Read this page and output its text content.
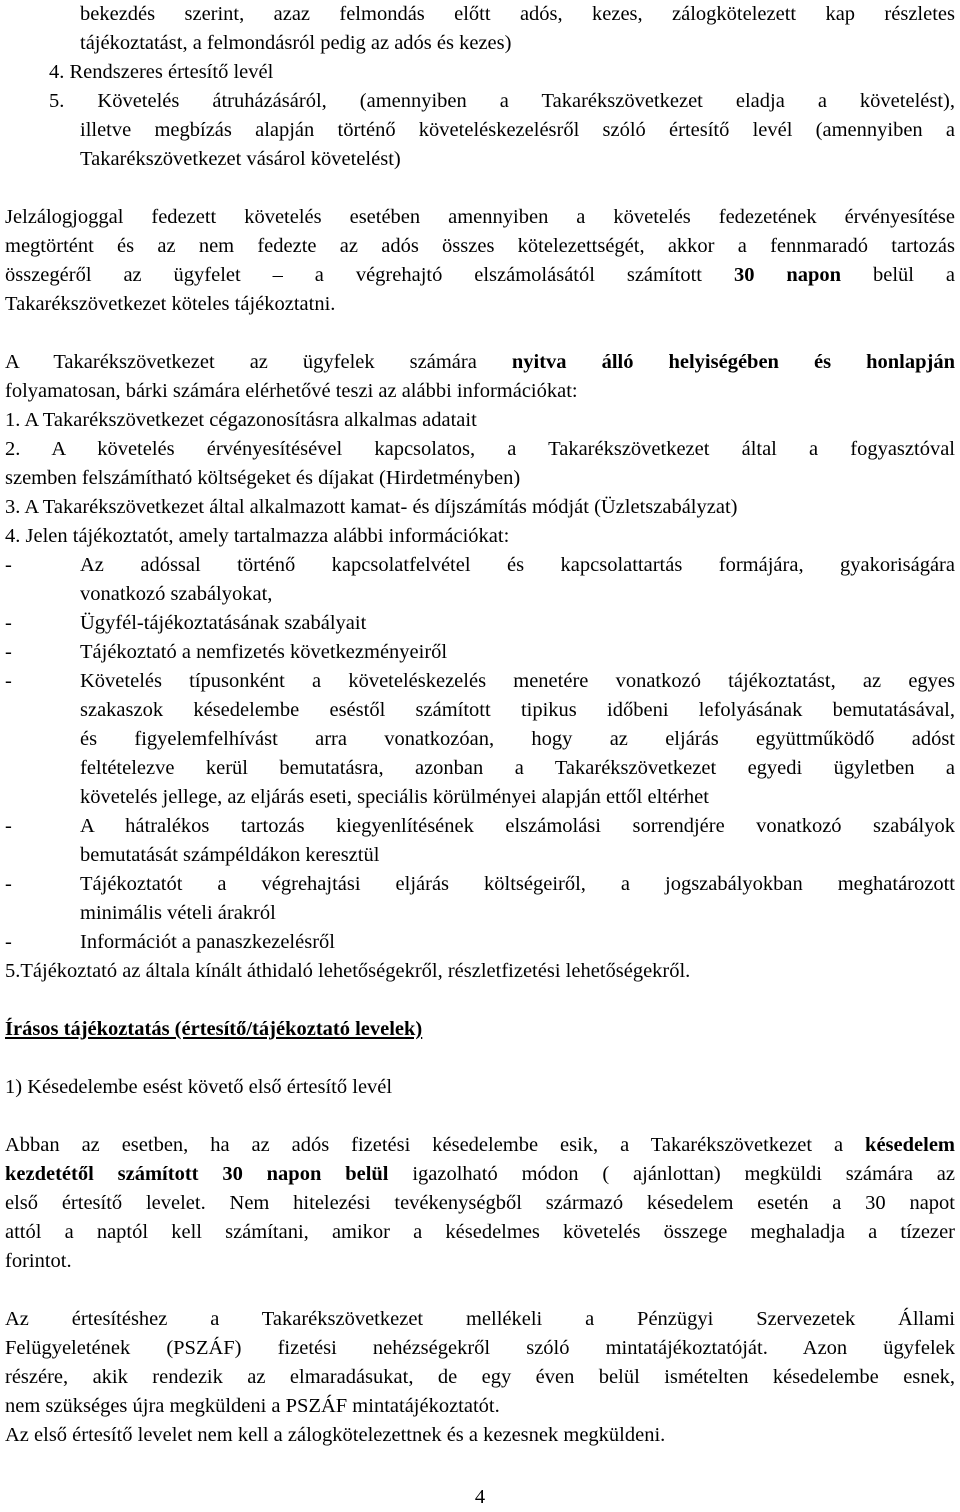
bekezdés szerint, azaz felmondás előtt adós, kezes, zálogkötelezett kap részletes

tájékoztatást, a felmondásról pedig az adós és kezes)

4. Rendszeres értesítő levél

5. Követelés átruházásáról, (amennyiben a Takarékszövetkezet eladja a követelést),

illetve megbízás alapján történő követeléskezelésről szóló értesítő levél (amennyiben a

Takarékszövetkezet vásárol követelést)

Jelzálogjoggal fedezett követelés esetében amennyiben a követelés fedezetének érvényesítése

megtörtént és az nem fedezte az adós összes kötelezettségét, akkor a fennmaradó tartozás

összegéről az ügyfelet – a végrehajtó elszámolásától számított 30 napon belül a

Takarékszövetkezet köteles tájékoztatni.

A Takarékszövetkezet az ügyfelek számára nyitva álló helyiségében és honlapján

folyamatosan, bárki számára elérhetővé teszi az alábbi információkat:

1. A Takarékszövetkezet cégazonosításra alkalmas adatait

2. A követelés érvényesítésével kapcsolatos, a Takarékszövetkezet által a fogyasztóval

szemben felszámítható költségeket és díjakat (Hirdetményben)

3. A Takarékszövetkezet által alkalmazott kamat- és díjszámítás módját (Üzletszabályzat)

4. Jelen tájékoztatót, amely tartalmazza alábbi információkat:

-	Az adóssal történő kapcsolatfelvétel és kapcsolattartás formájára, gyakoriságára

vonatkozó szabályokat,

-	Ügyfél-tájékoztatásának szabályait

-	Tájékoztató a nemfizetés következményeiről

-	Követelés típusonként a követeléskezelés menetére vonatkozó tájékoztatást, az egyes

szakaszok késedelembe eséstől számított tipikus időbeni lefolyásának bemutatásával,

és figyelemfelhívást arra vonatkozóan, hogy az eljárás együttműködő adóst

feltételezve kerül bemutatásra, azonban a Takarékszövetkezet egyedi ügyletben a

követelés jellege, az eljárás eseti, speciális körülményei alapján ettől eltérhet

-	A hátralékos tartozás kiegyenlítésének elszámolási sorrendjére vonatkozó szabályok

bemutatását számpéldákon keresztül

-	Tájékoztatót a végrehajtási eljárás költségeiről, a jogszabályokban meghatározott

minimális vételi árakról

-	Információt a panaszkezelésről

5.Tájékoztató az általa kínált áthidaló lehetőségekről, részletfizetési lehetőségekről.

Írásos tájékoztatás (értesítő/tájékoztató levelek)

1) Késedelembe esést követő első értesítő levél

Abban az esetben, ha az adós fizetési késedelembe esik, a Takarékszövetkezet a késedelem

kezdetétől számított 30 napon belül igazolható módon ( ajánlottan) megküldi számára az

első értesítő levelet. Nem hitelezési tevékenységből származó késedelem esetén a 30 napot

attól a naptól kell számítani, amikor a késedelmes követelés összege meghaladja a tízezer

forintot.

Az értesítéshez a Takarékszövetkezet mellékeli a Pénzügyi Szervezetek Állami

Felügyeletének (PSZÁF) fizetési nehézségekről szóló mintatájékoztatóját. Azon ügyfelek

részére, akik rendezik az elmaradásukat, de egy éven belül ismételten késedelembe esnek,

nem szükséges újra megküldeni a PSZÁF mintatájékoztatót.

Az első értesítő levelet nem kell a zálogkötelezettnek és a kezesnek megküldeni.

4
